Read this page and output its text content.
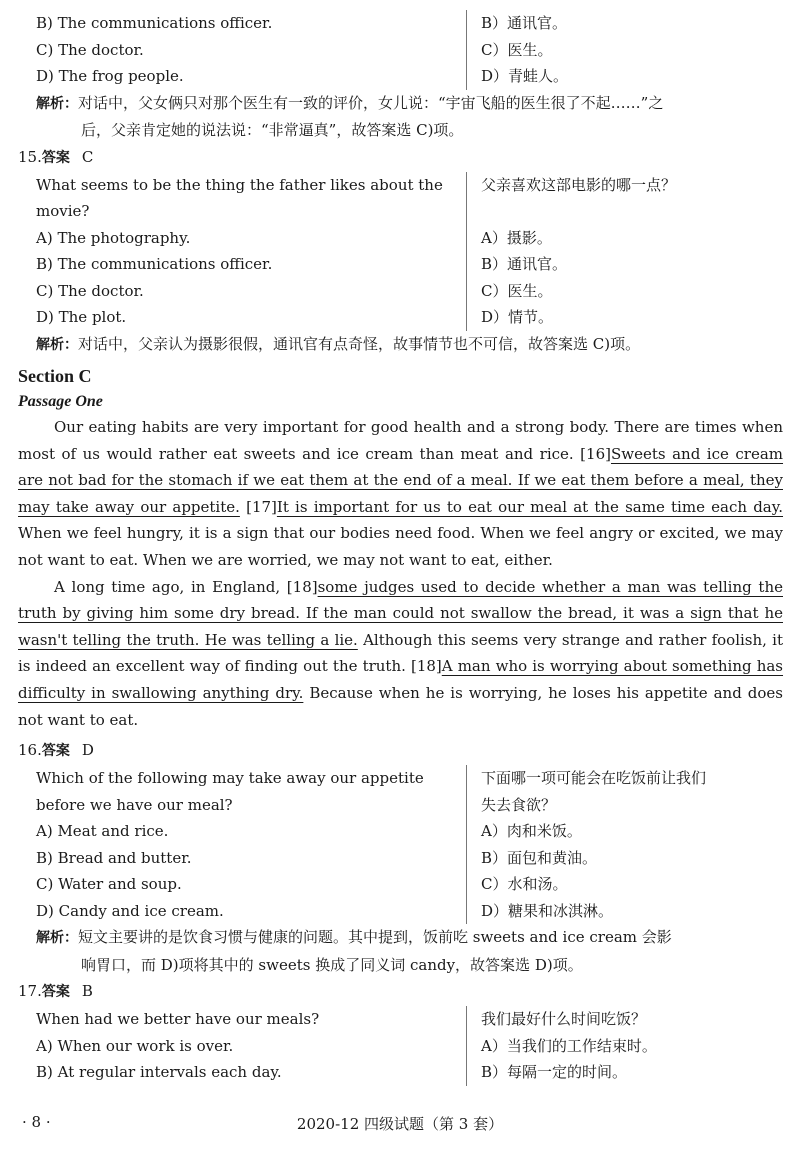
B) The communications officer.
C) The doctor.
D) The frog people.
B）通讯官。
C）医生。
D）青蛙人。
解析：对话中，父女俩只对那个医生有一致的评价，女儿说：“宇宙飞船的医生很了不起……”之
后，父亲肯定她的说法说：“非常逼真”，故答案选 C)项。
15.答案 C
What seems to be the thing the father likes about the
movie?
A) The photography.
B) The communications officer.
C) The doctor.
D) The plot.
父亲喜欢这部电影的哪一点？
A）摄影。
B）通讯官。
C）医生。
D）情节。
解析：对话中，父亲认为摄影很假，通讯官有点奇怪，故事情节也不可信，故答案选 C)项。
Section C
Passage One
Our eating habits are very important for good health and a strong body. There are times when most of us would rather eat sweets and ice cream than meat and rice. [16]Sweets and ice cream are not bad for the stomach if we eat them at the end of a meal. If we eat them before a meal, they may take away our appetite. [17]It is important for us to eat our meal at the same time each day. When we feel hungry, it is a sign that our bodies need food. When we feel angry or excited, we may not want to eat. When we are worried, we may not want to eat, either.
A long time ago, in England, [18]some judges used to decide whether a man was telling the truth by giving him some dry bread. If the man could not swallow the bread, it was a sign that he wasn't telling the truth. He was telling a lie. Although this seems very strange and rather foolish, it is indeed an excellent way of finding out the truth. [18]A man who is worrying about something has difficulty in swallowing anything dry. Because when he is worrying, he loses his appetite and does not want to eat.
16.答案 D
Which of the following may take away our appetite
before we have our meal?
A) Meat and rice.
B) Bread and butter.
C) Water and soup.
D) Candy and ice cream.
下面哪一项可能会在吃饭前让我们
失去食欲？
A）肉和米饭。
B）面包和黄油。
C）水和汤。
D）糖果和冰淇淋。
解析：短文主要讲的是饮食习惯与健康的问题。其中提到，饭前吃 sweets and ice cream 会影
响胃口，而 D)项将其中的 sweets 换成了同义词 candy，故答案选 D)项。
17.答案 B
When had we better have our meals?
A) When our work is over.
B) At regular intervals each day.
我们最好什么时间吃饭？
A）当我们的工作结束时。
B）每隔一定的时间。
· 8 ·	2020-12 四级试题（第 3 套）
